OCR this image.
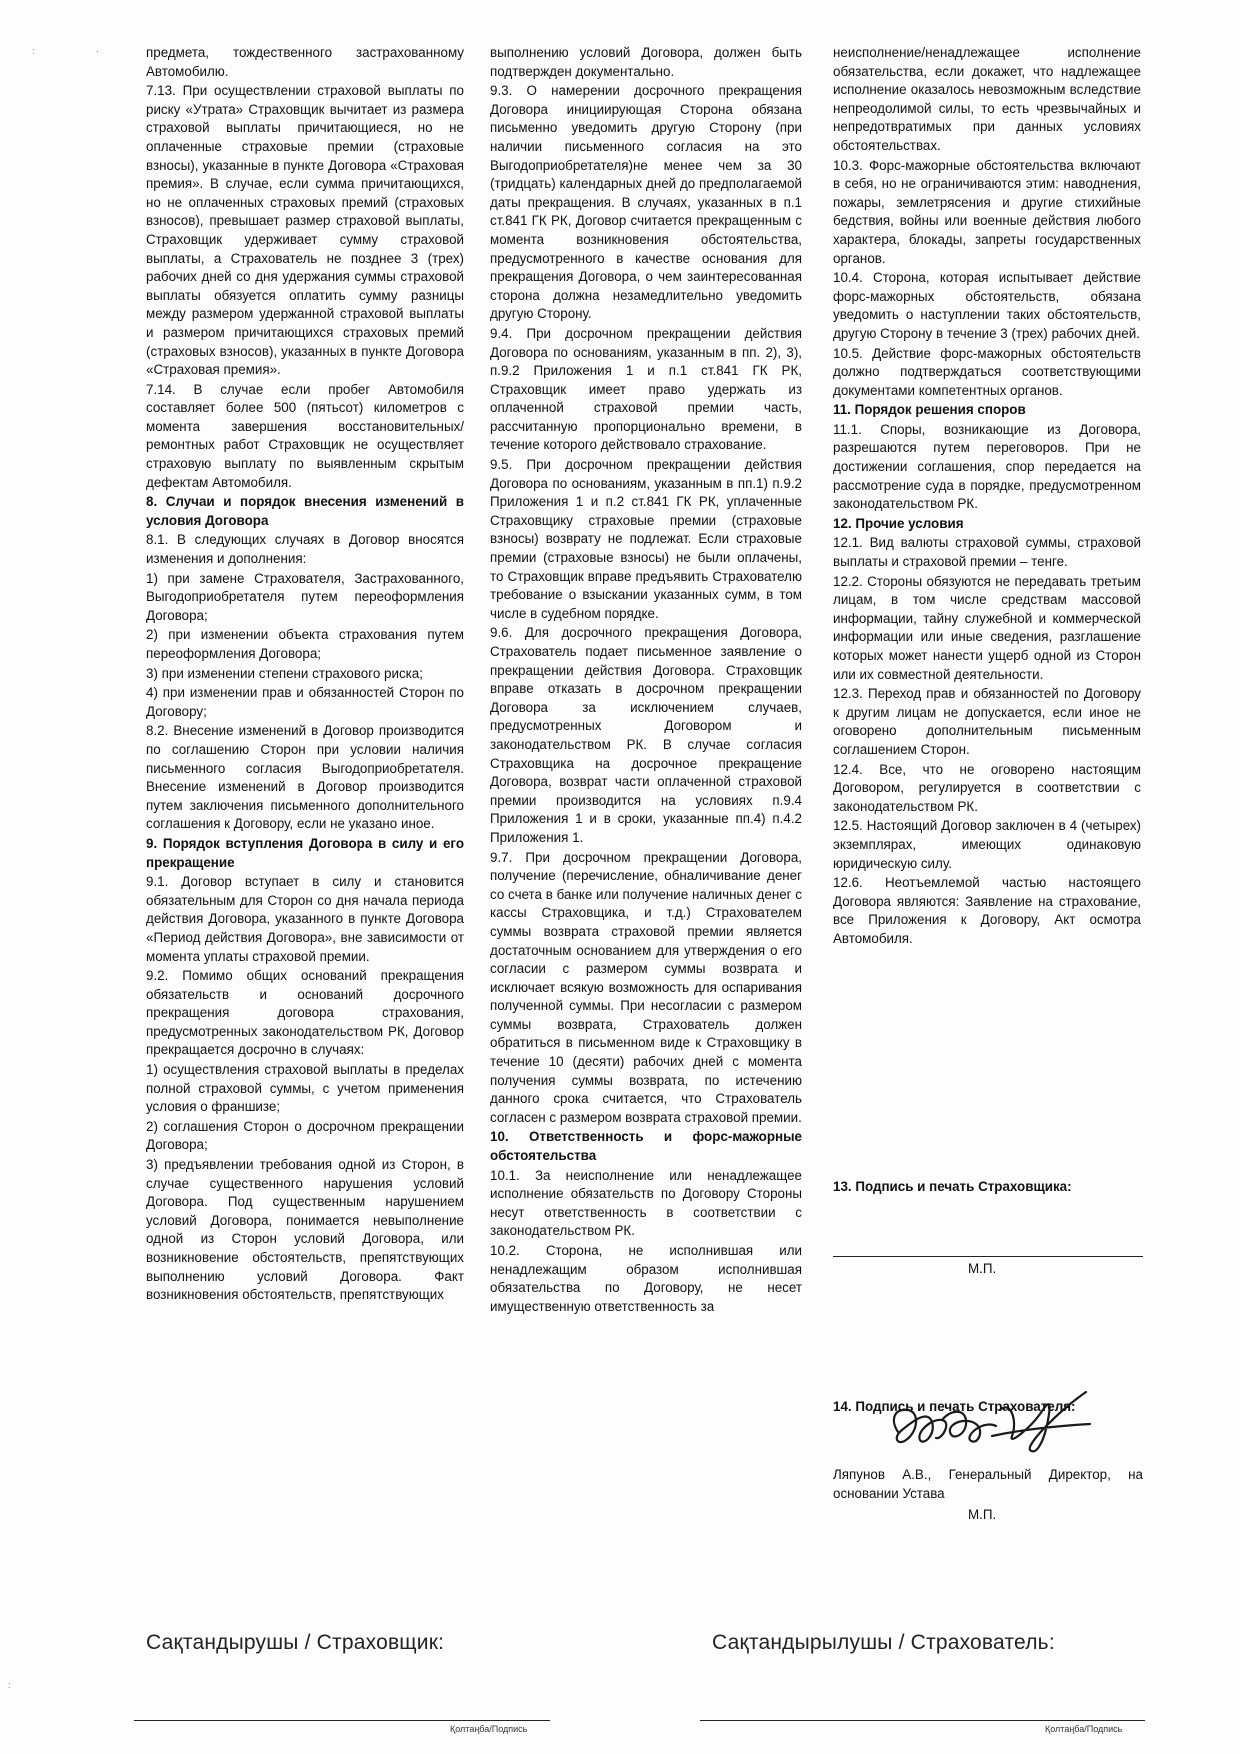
:	·
:

предмета, тождественного застрахованному Автомобилю.

7.13. При осуществлении страховой выплаты по риску «Утрата» Страховщик вычитает из размера страховой выплаты причитающиеся, но не оплаченные страховые премии (страховые взносы), указанные в пункте Договора «Страховая премия». В случае, если сумма причитающихся, но не оплаченных страховых премий (страховых взносов), превышает размер страховой выплаты, Страховщик удерживает сумму страховой выплаты, а Страхователь не позднее 3 (трех) рабочих дней со дня удержания суммы страховой выплаты обязуется оплатить сумму разницы между размером удержанной страховой выплаты и размером причитающихся страховых премий (страховых взносов), указанных в пункте Договора «Страховая премия».

7.14. В случае если пробег Автомобиля составляет более 500 (пятьсот) километров с момента завершения восстановительных/ремонтных работ Страховщик не осуществляет страховую выплату по выявленным скрытым дефектам Автомобиля.

8. Случаи и порядок внесения изменений в условия Договора

8.1. В следующих случаях в Договор вносятся изменения и дополнения:

1) при замене Страхователя, Застрахованного, Выгодоприобретателя путем переоформления Договора;

2) при изменении объекта страхования путем переоформления Договора;

3) при изменении степени страхового риска;

4) при изменении прав и обязанностей Сторон по Договору;

8.2. Внесение изменений в Договор производится по соглашению Сторон при условии наличия письменного согласия Выгодоприобретателя. Внесение изменений в Договор производится путем заключения письменного дополнительного соглашения к Договору, если не указано иное.

9. Порядок вступления Договора в силу и его прекращение

9.1. Договор вступает в силу и становится обязательным для Сторон со дня начала периода действия Договора, указанного в пункте Договора «Период действия Договора», вне зависимости от момента уплаты страховой премии.

9.2. Помимо общих оснований прекращения обязательств и оснований досрочного прекращения договора страхования, предусмотренных законодательством РК, Договор прекращается досрочно в случаях:

1) осуществления страховой выплаты в пределах полной страховой суммы, с учетом применения условия о франшизе;

2) соглашения Сторон о досрочном прекращении Договора;

3) предъявлении требования одной из Сторон, в случае существенного нарушения условий Договора. Под существенным нарушением условий Договора, понимается невыполнение одной из Сторон условий Договора, или возникновение обстоятельств, препятствующих выполнению условий Договора. Факт возникновения обстоятельств, препятствующих

выполнению условий Договора, должен быть подтвержден документально.

9.3. О намерении досрочного прекращения Договора инициирующая Сторона обязана письменно уведомить другую Сторону (при наличии письменного согласия на это Выгодоприобретателя)не менее чем за 30 (тридцать) календарных дней до предполагаемой даты прекращения. В случаях, указанных в п.1 ст.841 ГК РК, Договор считается прекращенным с момента возникновения обстоятельства, предусмотренного в качестве основания для прекращения Договора, о чем заинтересованная сторона должна незамедлительно уведомить другую Сторону.

9.4. При досрочном прекращении действия Договора по основаниям, указанным в пп. 2), 3), п.9.2 Приложения 1 и п.1 ст.841 ГК РК, Страховщик имеет право удержать из оплаченной страховой премии часть, рассчитанную пропорционально времени, в течение которого действовало страхование.

9.5. При досрочном прекращении действия Договора по основаниям, указанным в пп.1) п.9.2 Приложения 1 и п.2 ст.841 ГК РК, уплаченные Страховщику страховые премии (страховые взносы) возврату не подлежат. Если страховые премии (страховые взносы) не были оплачены, то Страховщик вправе предъявить Страхователю требование о взыскании указанных сумм, в том числе в судебном порядке.

9.6. Для досрочного прекращения Договора, Страхователь подает письменное заявление о прекращении действия Договора. Страховщик вправе отказать в досрочном прекращении Договора за исключением случаев, предусмотренных Договором и законодательством РК. В случае согласия Страховщика на досрочное прекращение Договора, возврат части оплаченной страховой премии производится на условиях п.9.4 Приложения 1 и в сроки, указанные пп.4) п.4.2 Приложения 1.

9.7. При досрочном прекращении Договора, получение (перечисление, обналичивание денег со счета в банке или получение наличных денег с кассы Страховщика, и т.д.) Страхователем суммы возврата страховой премии является достаточным основанием для утверждения о его согласии с размером суммы возврата и исключает всякую возможность для оспаривания полученной суммы. При несогласии с размером суммы возврата, Страхователь должен обратиться в письменном виде к Страховщику в течение 10 (десяти) рабочих дней с момента получения суммы возврата, по истечению данного срока считается, что Страхователь согласен с размером возврата страховой премии.

10. Ответственность и форс-мажорные обстоятельства

10.1. За неисполнение или ненадлежащее исполнение обязательств по Договору Стороны несут ответственность в соответствии с законодательством РК.

10.2. Сторона, не исполнившая или ненадлежащим образом исполнившая обязательства по Договору, не несет имущественную ответственность за

неисполнение/ненадлежащее исполнение обязательства, если докажет, что надлежащее исполнение оказалось невозможным вследствие непреодолимой силы, то есть чрезвычайных и непредотвратимых при данных условиях обстоятельствах.

10.3. Форс-мажорные обстоятельства включают в себя, но не ограничиваются этим: наводнения, пожары, землетрясения и другие стихийные бедствия, войны или военные действия любого характера, блокады, запреты государственных органов.

10.4. Сторона, которая испытывает действие форс-мажорных обстоятельств, обязана уведомить о наступлении таких обстоятельств, другую Сторону в течение 3 (трех) рабочих дней.

10.5. Действие форс-мажорных обстоятельств должно подтверждаться соответствующими документами компетентных органов.

11. Порядок решения споров

11.1. Споры, возникающие из Договора, разрешаются путем переговоров. При не достижении соглашения, спор передается на рассмотрение суда в порядке, предусмотренном законодательством РК.

12. Прочие условия

12.1. Вид валюты страховой суммы, страховой выплаты и страховой премии – тенге.

12.2. Стороны обязуются не передавать третьим лицам, в том числе средствам массовой информации, тайну служебной и коммерческой информации или иные сведения, разглашение которых может нанести ущерб одной из Сторон или их совместной деятельности.

12.3. Переход прав и обязанностей по Договору к другим лицам не допускается, если иное не оговорено дополнительным письменным соглашением Сторон.

12.4. Все, что не оговорено настоящим Договором, регулируется в соответствии с законодательством РК.

12.5. Настоящий Договор заключен в 4 (четырех) экземплярах, имеющих одинаковую юридическую силу.

12.6. Неотъемлемой частью настоящего Договора являются: Заявление на страхование, все Приложения к Договору, Акт осмотра Автомобиля.

13. Подпись и печать Страховщика:
М.П.
14. Подпись и печать Страхователя:
Ляпунов А.В., Генеральный Директор, на основании Устава
М.П.
Сақтандырушы / Страховщик:
Қолтаңба/Подпись
Сақтандырылушы / Страхователь:
Қолтаңба/Подпись
